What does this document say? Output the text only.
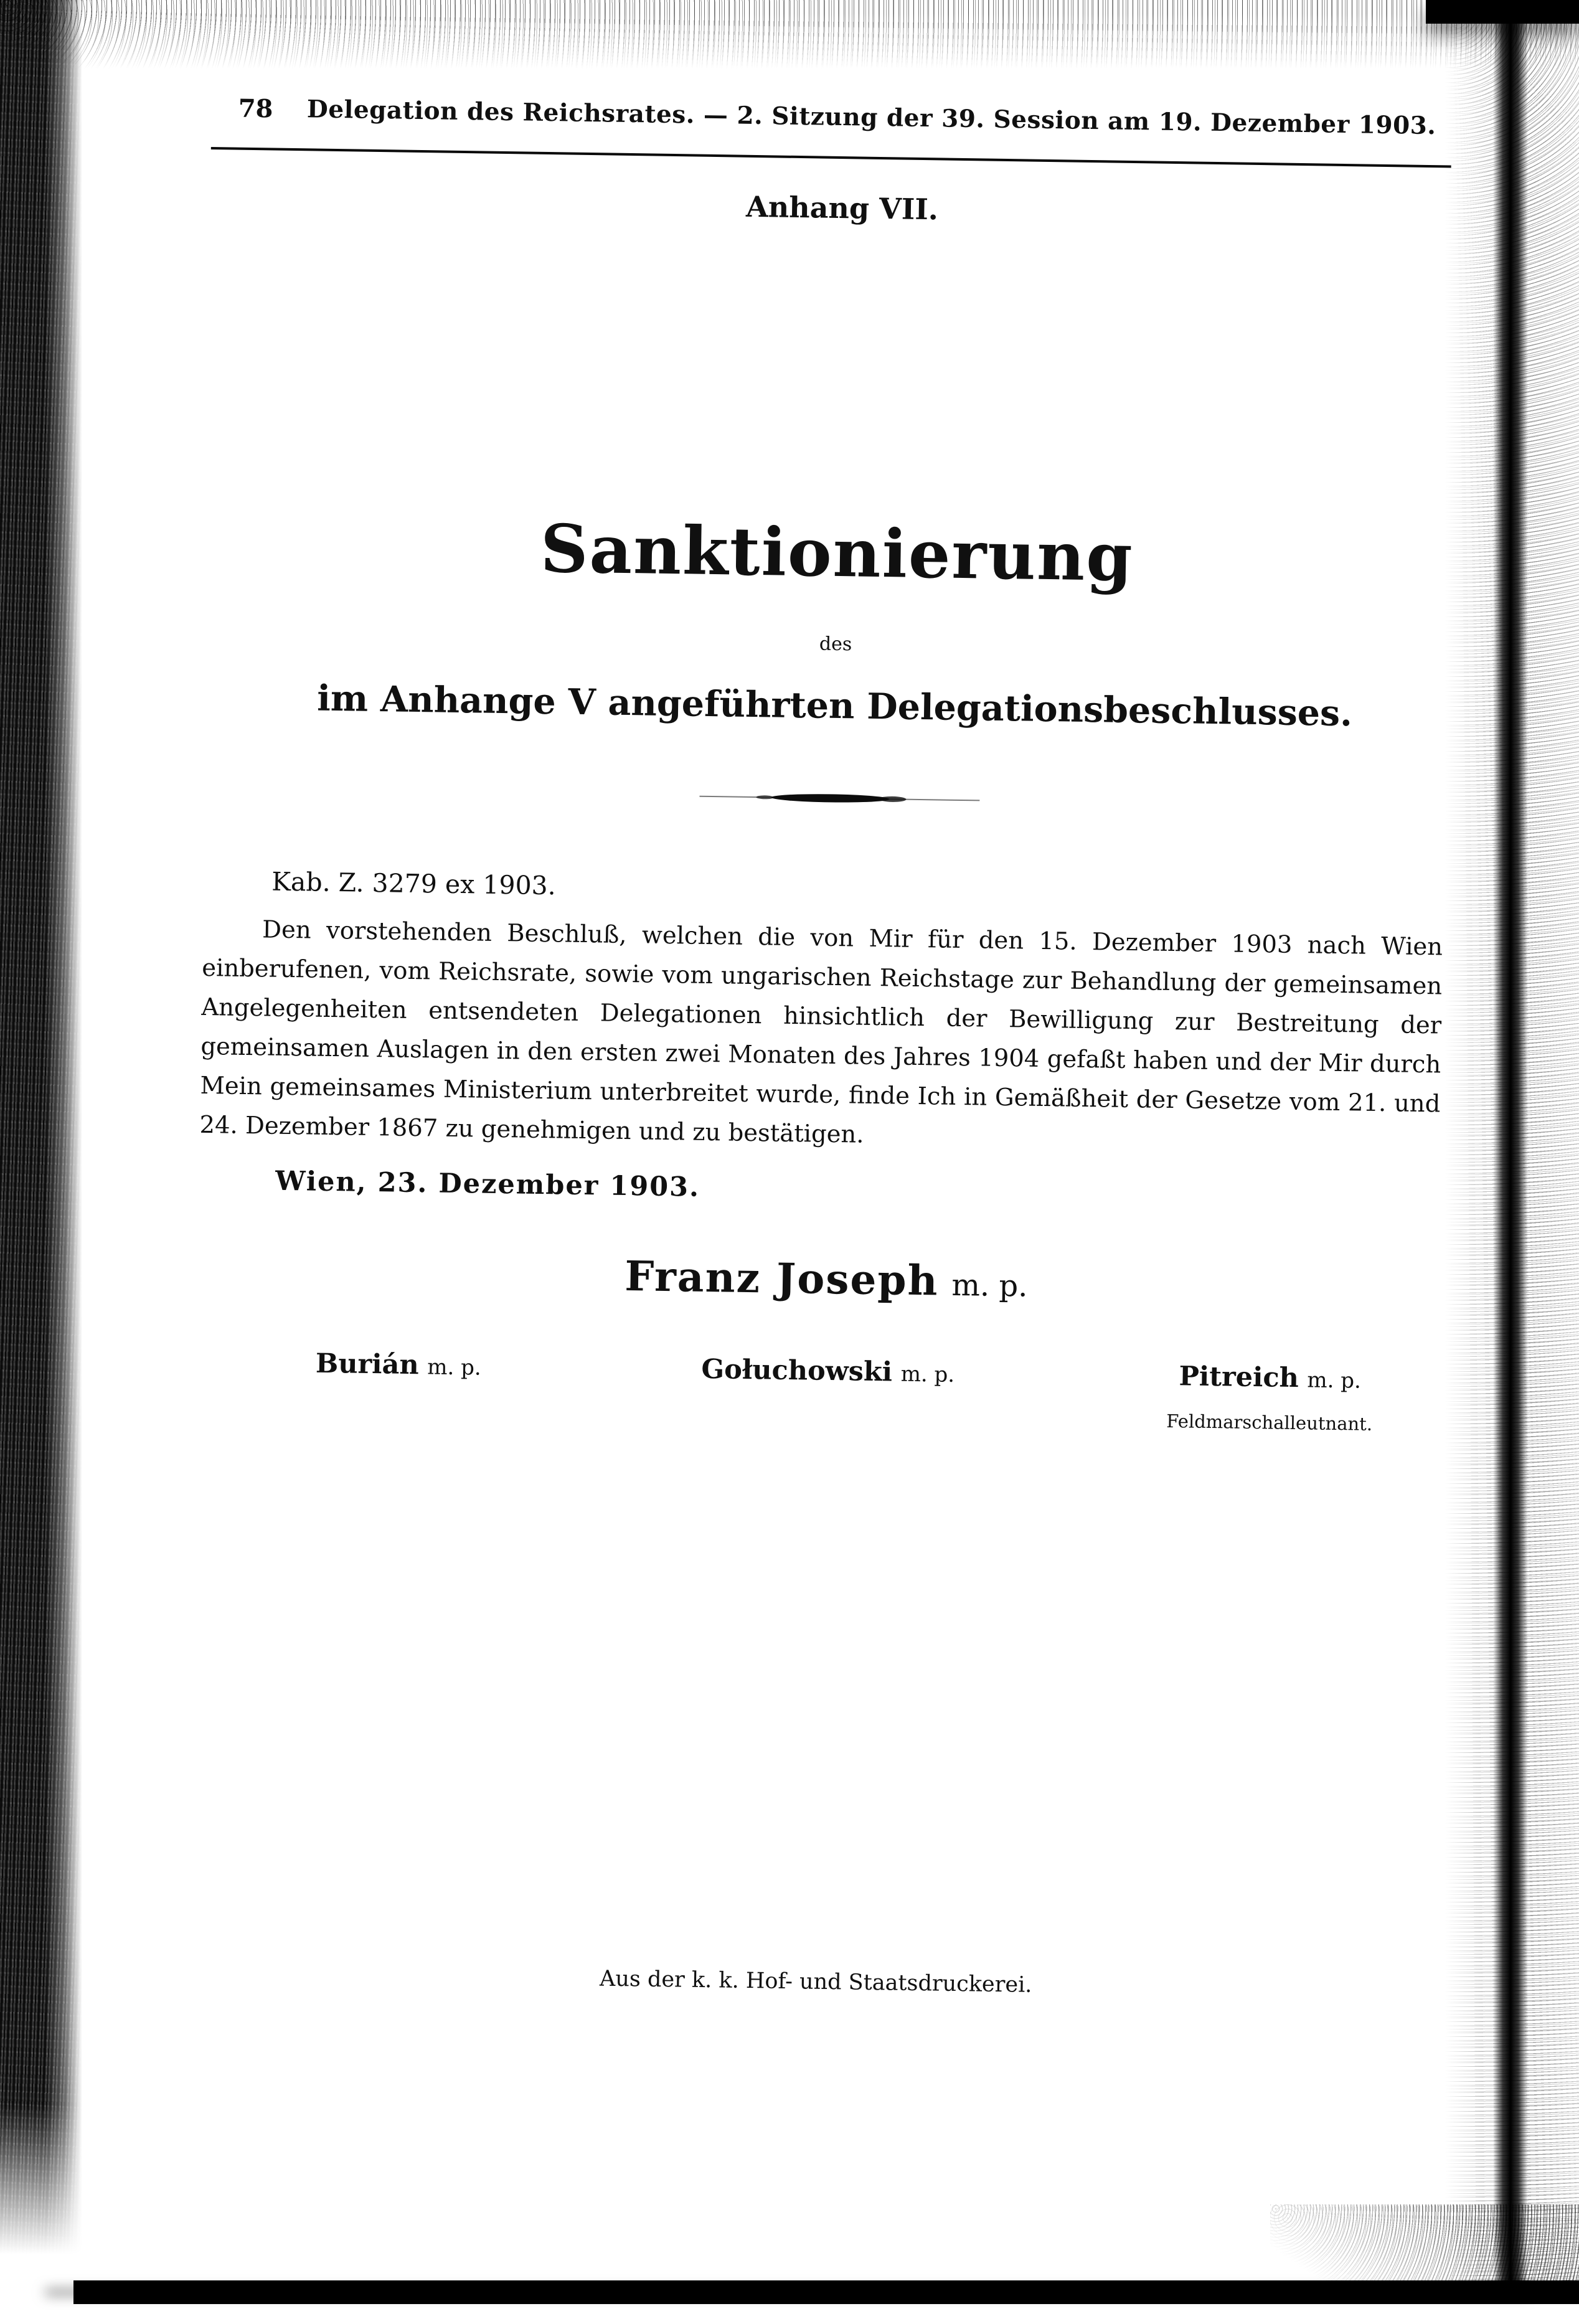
78	Delegation des Reichsrates. — 2. Sitzung der 39. Session am 19. Dezember 1903.
Anhang VII.
Sanktionierung
des
im Anhange V angeführten Delegationsbeschlusses.
Kab. Z. 3279 ex 1903.
Den vorstehenden Beschluß, welchen die von Mir für den 15. Dezember 1903 nach Wien einberufenen, vom Reichsrate, sowie vom ungarischen Reichstage zur Behandlung der gemeinsamen Angelegenheiten entsendeten Delegationen hinsichtlich der Bewilligung zur Bestreitung der gemeinsamen Auslagen in den ersten zwei Monaten des Jahres 1904 gefaßt haben und der Mir durch Mein gemeinsames Ministerium unterbreitet wurde, finde Ich in Gemäßheit der Gesetze vom 21. und 24. Dezember 1867 zu genehmigen und zu bestätigen.
Wien, 23. Dezember 1903.
Franz Joseph m. p.
Burián m. p.	Gołuchowski m. p.	Pitreich m. p.
Feldmarschalleutnant.
Aus der k. k. Hof- und Staatsdruckerei.
